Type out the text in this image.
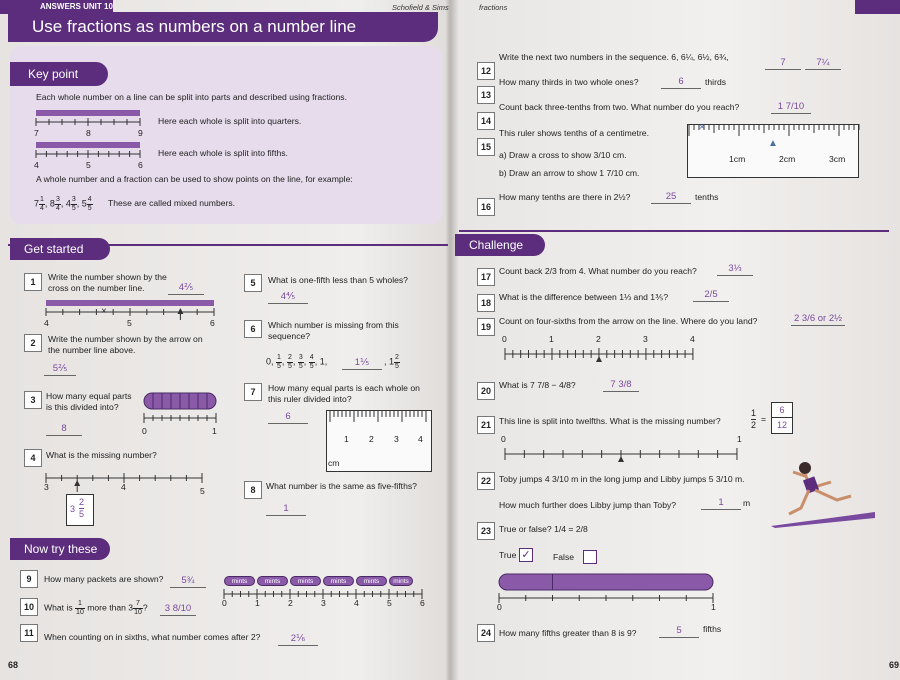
ANSWERS UNIT 10	Schofield & Sims
Use fractions as numbers on a number line
Key point
Each whole number on a line can be split into parts and described using fractions.
7	8	9
Here each whole is split into quarters.
4	5	6
Here each whole is split into fifths.
A whole number and a fraction can be used to show points on the line, for example:
$7 \frac{1}{4}$ , $8 \frac{3}{4}$ , $4 \frac{3}{5}$ , $5 \frac{4}{5}$ These are called mixed numbers.
Get started
1	Write the number shown by the cross on the number line.	4⅖
×
4	5	6
2	Write the number shown by the arrow on the number line above.
5⅖
3	How many equal parts is this divided into?
0	1
8
4	What is the missing number?
3	4	5
3
2
5
5	What is one-fifth less than 5 wholes?
4⅘
6	Which number is missing from this sequence?
0, $\frac{1}{5}$ , $\frac{2}{5}$ , $\frac{3}{5}$ , $\frac{4}{5}$ , 1,	1⅕	, $1 \frac{2}{5}$
7	How many equal parts is each whole on this ruler divided into?
6
1 2 3 4
cm
8	What number is the same as five-fifths?
1
Now try these
9	How many packets are shown?	5¾	mints	mints	mints	mints	mints	mints
0	1	2	3	4	5	6
10	What is $\frac{1}{10}$ more than $3 \frac{7}{10}$ ?	3 8/10
11	When counting on in sixths, what number comes after 2?	2⅙
68
fractions
12
Write the next two numbers in the sequence. 6, 6¼, 6½, 6¾,	7	7¼
13
How many thirds in two whole ones?	6	thirds
14
Count back three-tenths from two. What number do you reach?	1 7/10
15
This ruler shows tenths of a centimetre.
a) Draw a cross to show 3/10 cm.
b) Draw an arrow to show 1 7/10 cm.
×
▲
1cm	2cm	3cm
16
How many tenths are there in 2½?	25	tenths
Challenge
17
Count back 2/3 from 4. What number do you reach?	3⅓
18
What is the difference between 1⅓ and 1⅗?	2/5
19
Count on four-sixths from the arrow on the line. Where do you land?	2 3/6 or 2½
0	1	2	3	4
20
What is 7 7/8 − 4/8?	7 3/8
21 This line is split into twelfths. What is the missing number?
1
2
=
6
12
0	1
22 Toby jumps 4 3/10 m in the long jump and Libby jumps 5 3/10 m.
How much further does Libby jump than Toby?	1	m
23 True or false? 1/4 = 2/8
True ✓	False
0	1
24 How many fifths greater than 8 is 9?	5	fifths
69
